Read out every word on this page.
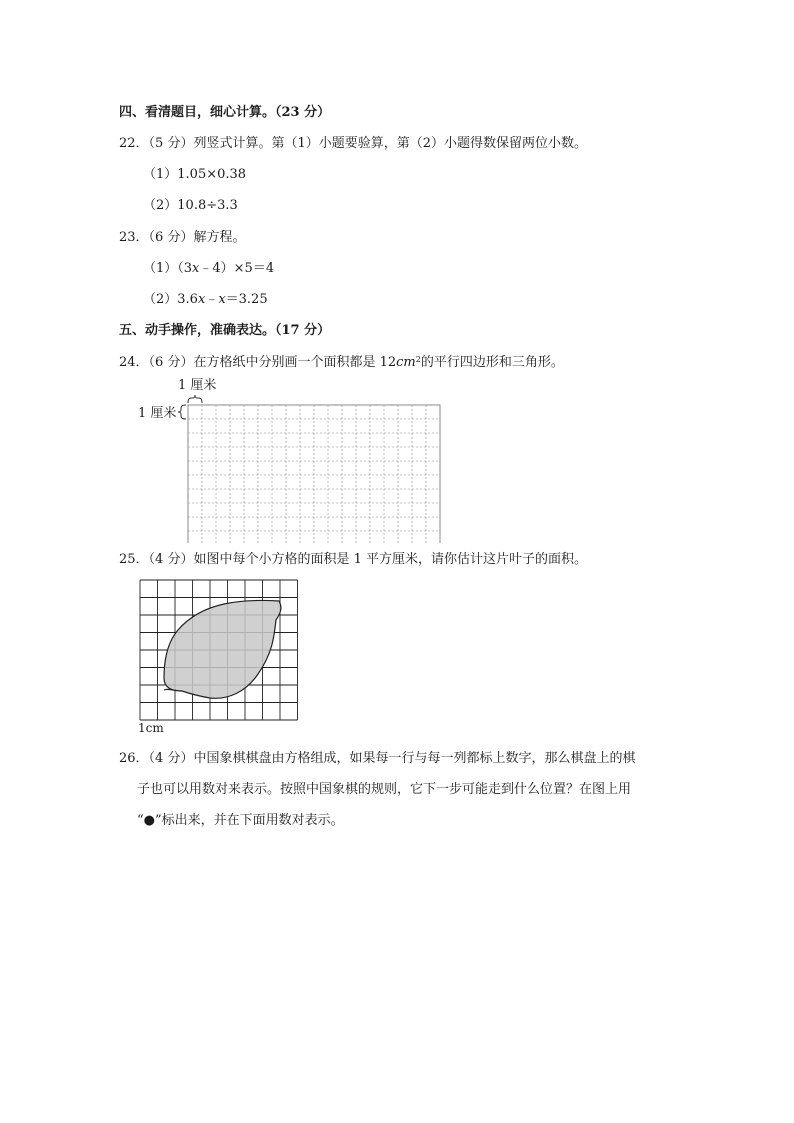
四、看清题目，细心计算。（23 分）
22．（5 分）列竖式计算。第（1）小题要验算，第（2）小题得数保留两位小数。
（1）1.05×0.38
（2）10.8÷3.3
23．（6 分）解方程。
（1）（3x﹣4）×5＝4
（2）3.6x﹣x＝3.25
五、动手操作，准确表达。（17 分）
24．（6 分）在方格纸中分别画一个面积都是 $12cm^2$的平行四边形和三角形。
1 厘米
1 厘米
25．（4 分）如图中每个小方格的面积是 1 平方厘米，请你估计这片叶子的面积。
1cm
26．（4 分）中国象棋棋盘由方格组成，如果每一行与每一列都标上数字，那么棋盘上的棋
子也可以用数对来表示。按照中国象棋的规则，它下一步可能走到什么位置？在图上用
“●”标出来，并在下面用数对表示。
